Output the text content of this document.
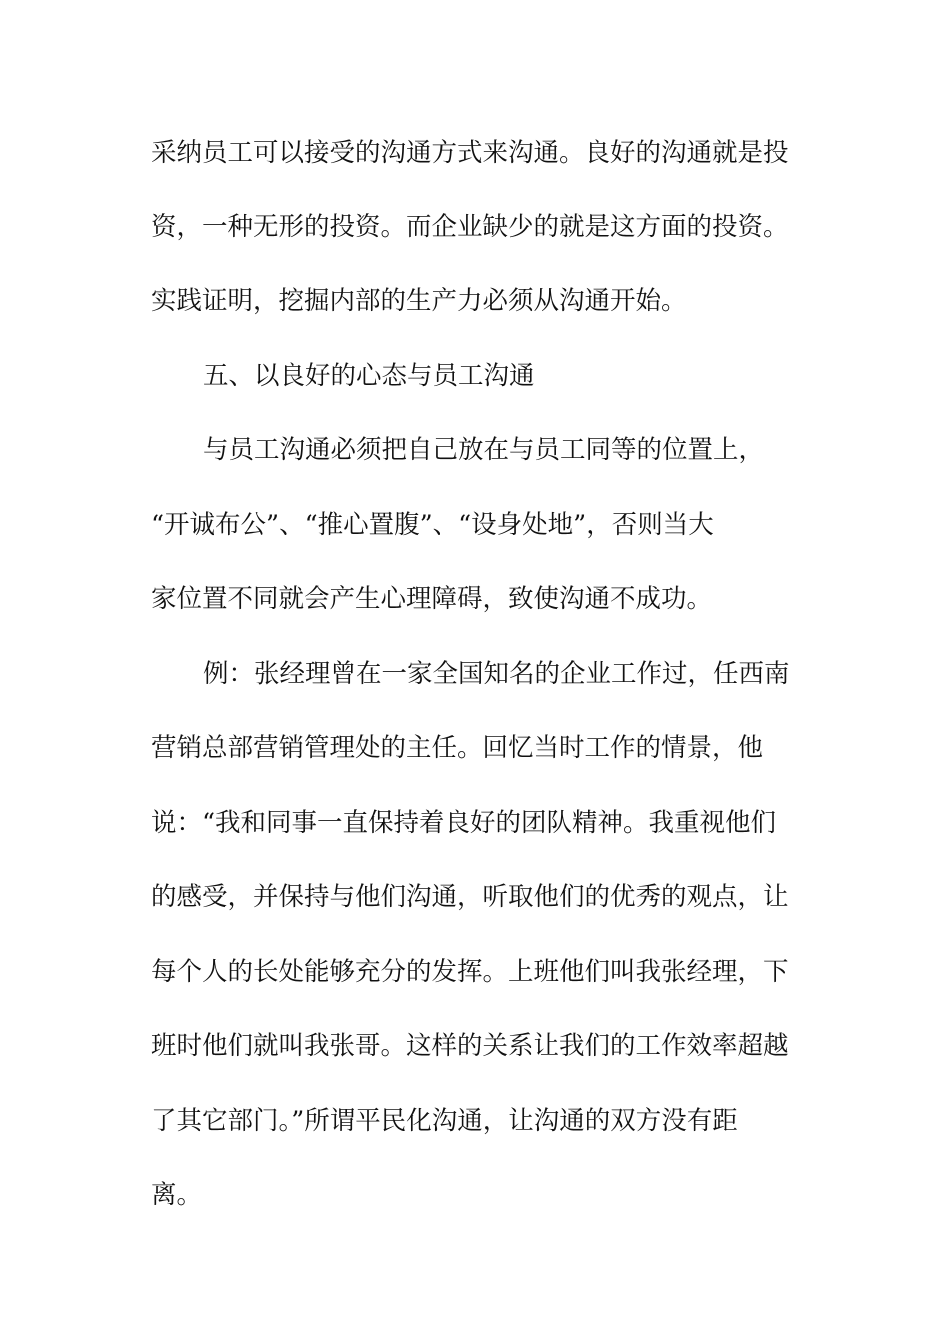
采纳员工可以接受的沟通方式来沟通。良好的沟通就是投
资，一种无形的投资。而企业缺少的就是这方面的投资。
实践证明，挖掘内部的生产力必须从沟通开始。
五、以良好的心态与员工沟通
与员工沟通必须把自己放在与员工同等的位置上，
“开诚布公”、“推心置腹”、“设身处地”，否则当大
家位置不同就会产生心理障碍，致使沟通不成功。
例：张经理曾在一家全国知名的企业工作过，任西南
营销总部营销管理处的主任。回忆当时工作的情景，他
说：“我和同事一直保持着良好的团队精神。我重视他们
的感受，并保持与他们沟通，听取他们的优秀的观点，让
每个人的长处能够充分的发挥。上班他们叫我张经理，下
班时他们就叫我张哥。这样的关系让我们的工作效率超越
了其它部门。”所谓平民化沟通，让沟通的双方没有距
离。
